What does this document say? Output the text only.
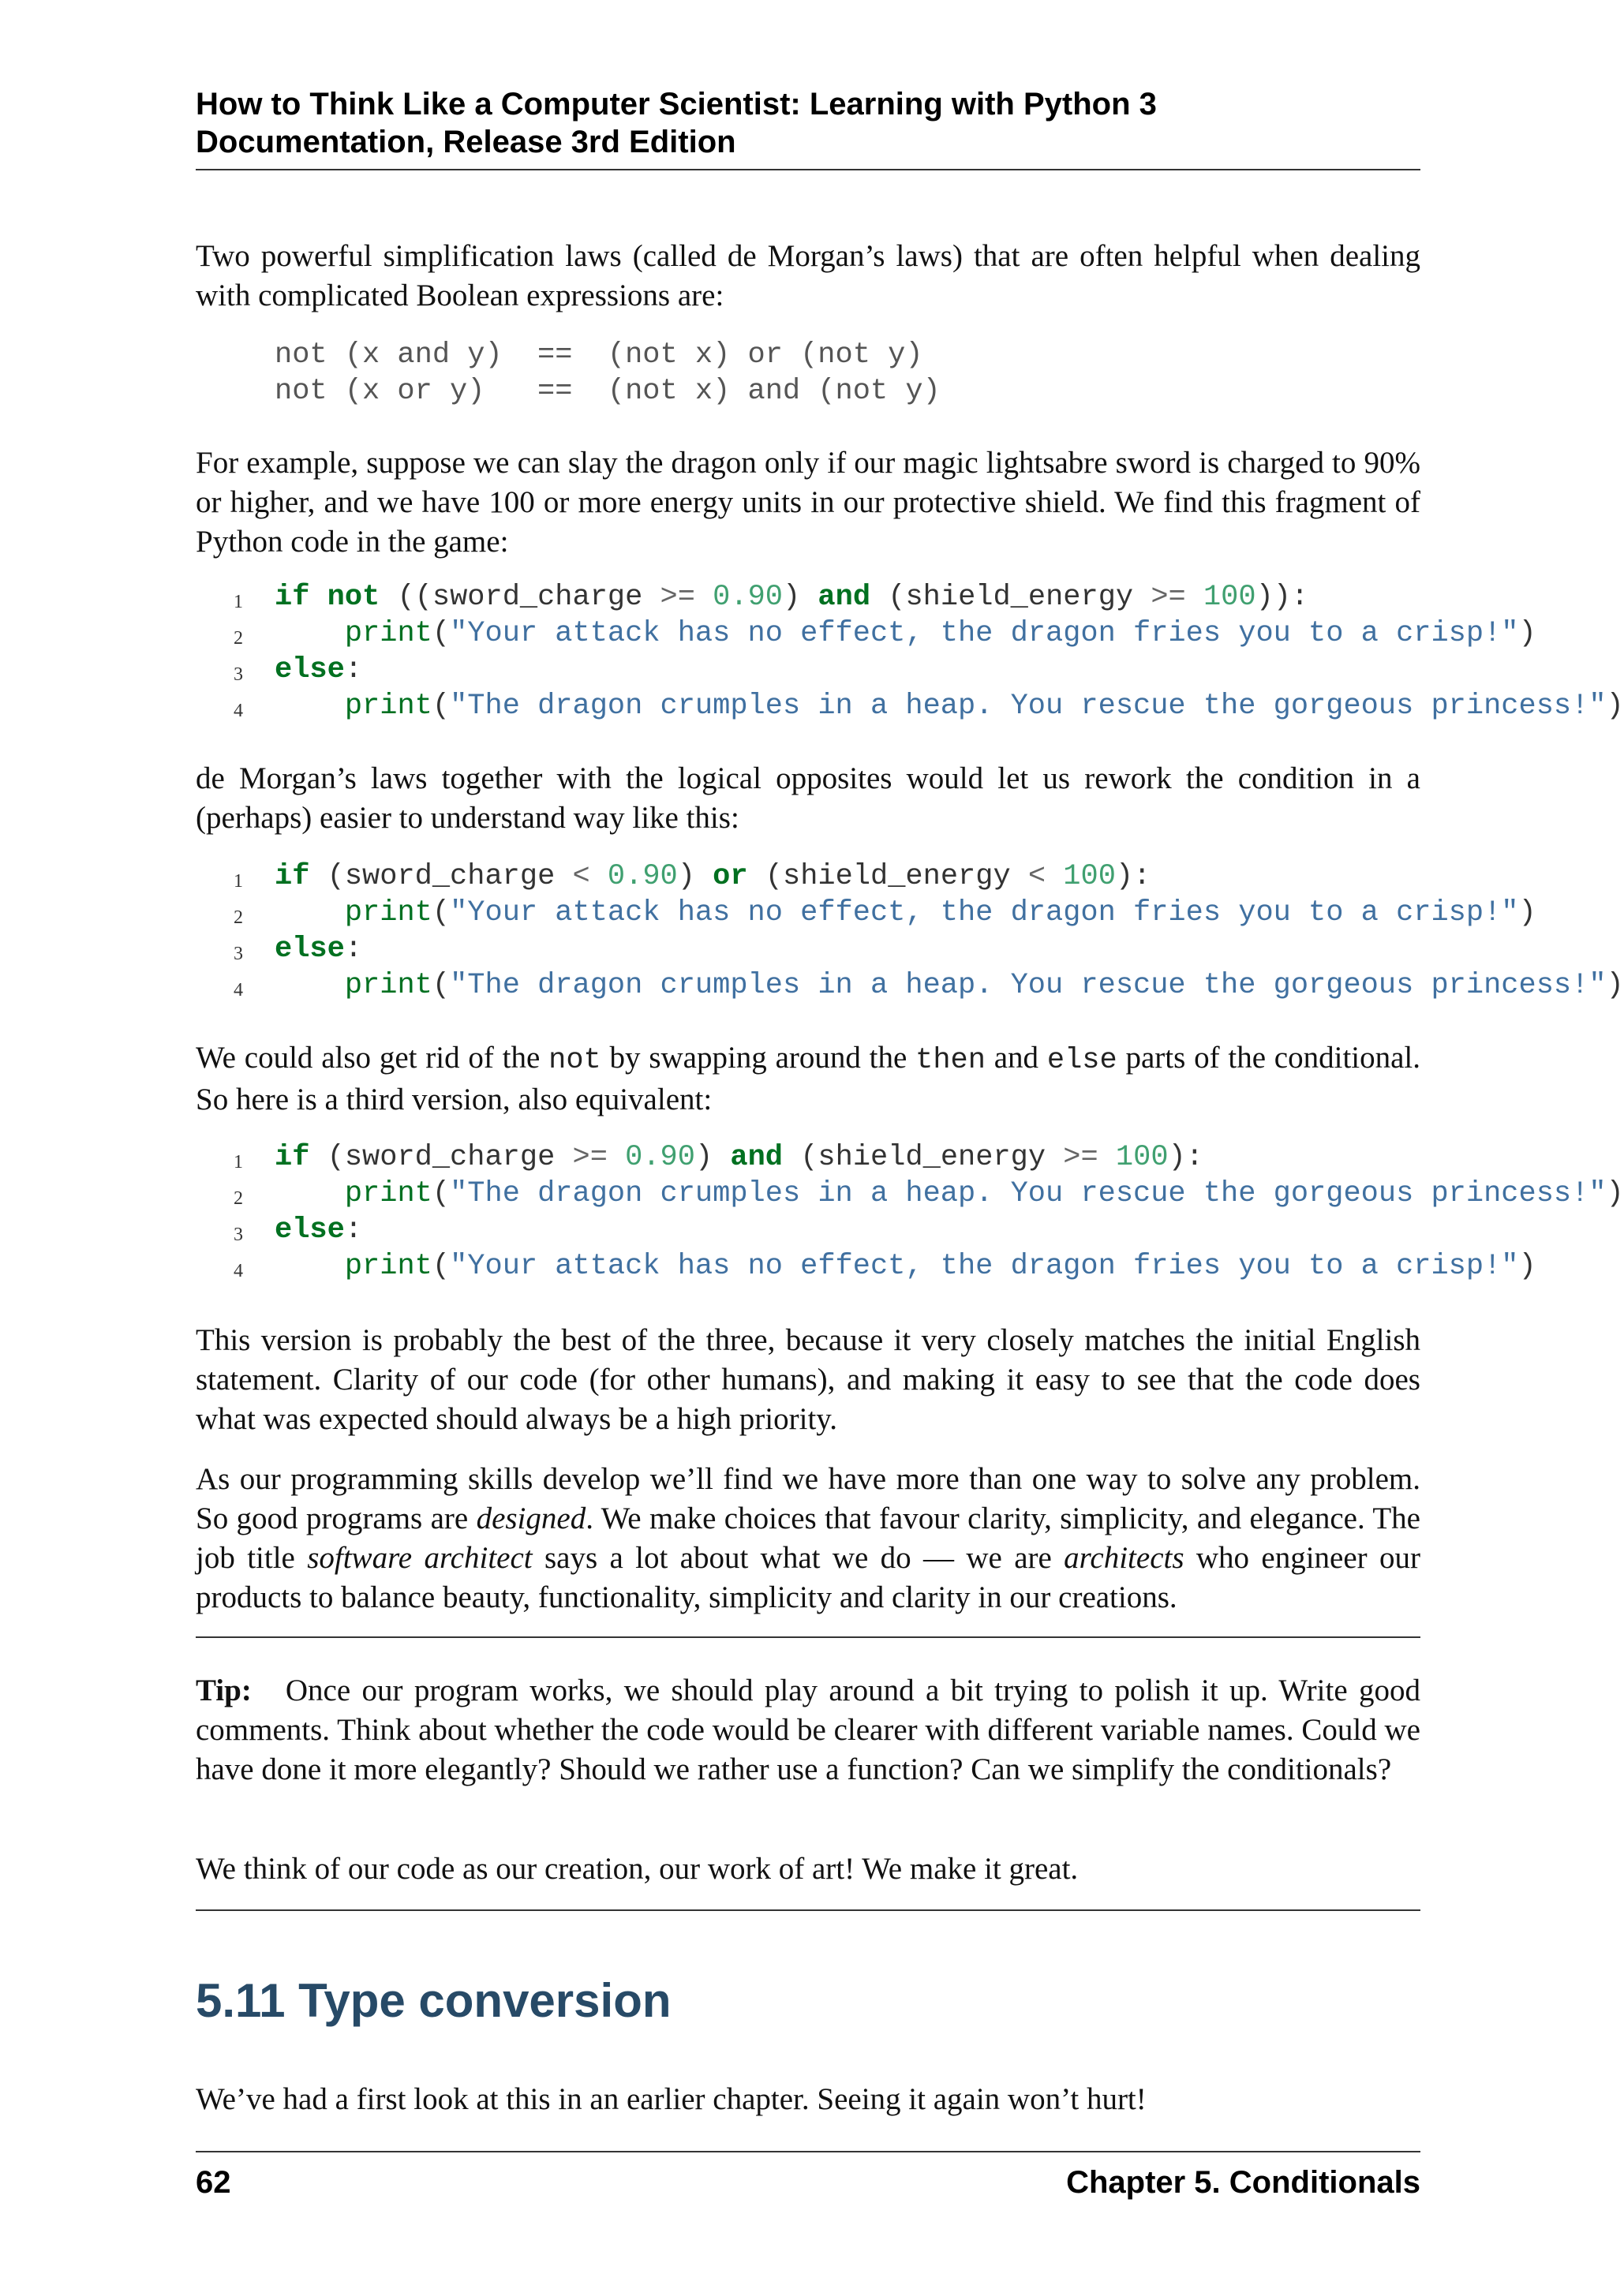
How to Think Like a Computer Scientist: Learning with Python 3
Documentation, Release 3rd Edition

Two powerful simplification laws (called de Morgan’s laws) that are often helpful when dealing with complicated Boolean expressions are:

not (x and y)  ==  (not x) or (not y)
not (x or y)   ==  (not x) and (not y)

For example, suppose we can slay the dragon only if our magic lightsabre sword is charged to 90% or higher, and we have 100 or more energy units in our protective shield. We find this fragment of Python code in the game:

1

	if not ((sword_charge >= 0.90) and (shield_energy >= 100)):

2

	print("Your attack has no effect, the dragon fries you to a crisp!")

3

	else:

4

	print("The dragon crumples in a heap. You rescue the gorgeous princess!")

de Morgan’s laws together with the logical opposites would let us rework the condition in a (perhaps) easier to understand way like this:

1

	if (sword_charge < 0.90) or (shield_energy < 100):

2

	print("Your attack has no effect, the dragon fries you to a crisp!")

3

	else:

4

	print("The dragon crumples in a heap. You rescue the gorgeous princess!")

We could also get rid of the not by swapping around the then and else parts of the conditional. So here is a third version, also equivalent:

1

	if (sword_charge >= 0.90) and (shield_energy >= 100):

2

	print("The dragon crumples in a heap. You rescue the gorgeous princess!")

3

	else:

4

	print("Your attack has no effect, the dragon fries you to a crisp!")

This version is probably the best of the three, because it very closely matches the initial English statement. Clarity of our code (for other humans), and making it easy to see that the code does what was expected should always be a high priority.

As our programming skills develop we’ll find we have more than one way to solve any problem. So good programs are designed. We make choices that favour clarity, simplicity, and elegance. The job title software architect says a lot about what we do — we are architects who engineer our products to balance beauty, functionality, simplicity and clarity in our creations.

Tip: Once our program works, we should play around a bit trying to polish it up. Write good comments. Think about whether the code would be clearer with different variable names. Could we have done it more elegantly? Should we rather use a function? Can we simplify the conditionals?

We think of our code as our creation, our work of art! We make it great.

5.11 Type conversion

We’ve had a first look at this in an earlier chapter. Seeing it again won’t hurt!

62	Chapter 5. Conditionals
